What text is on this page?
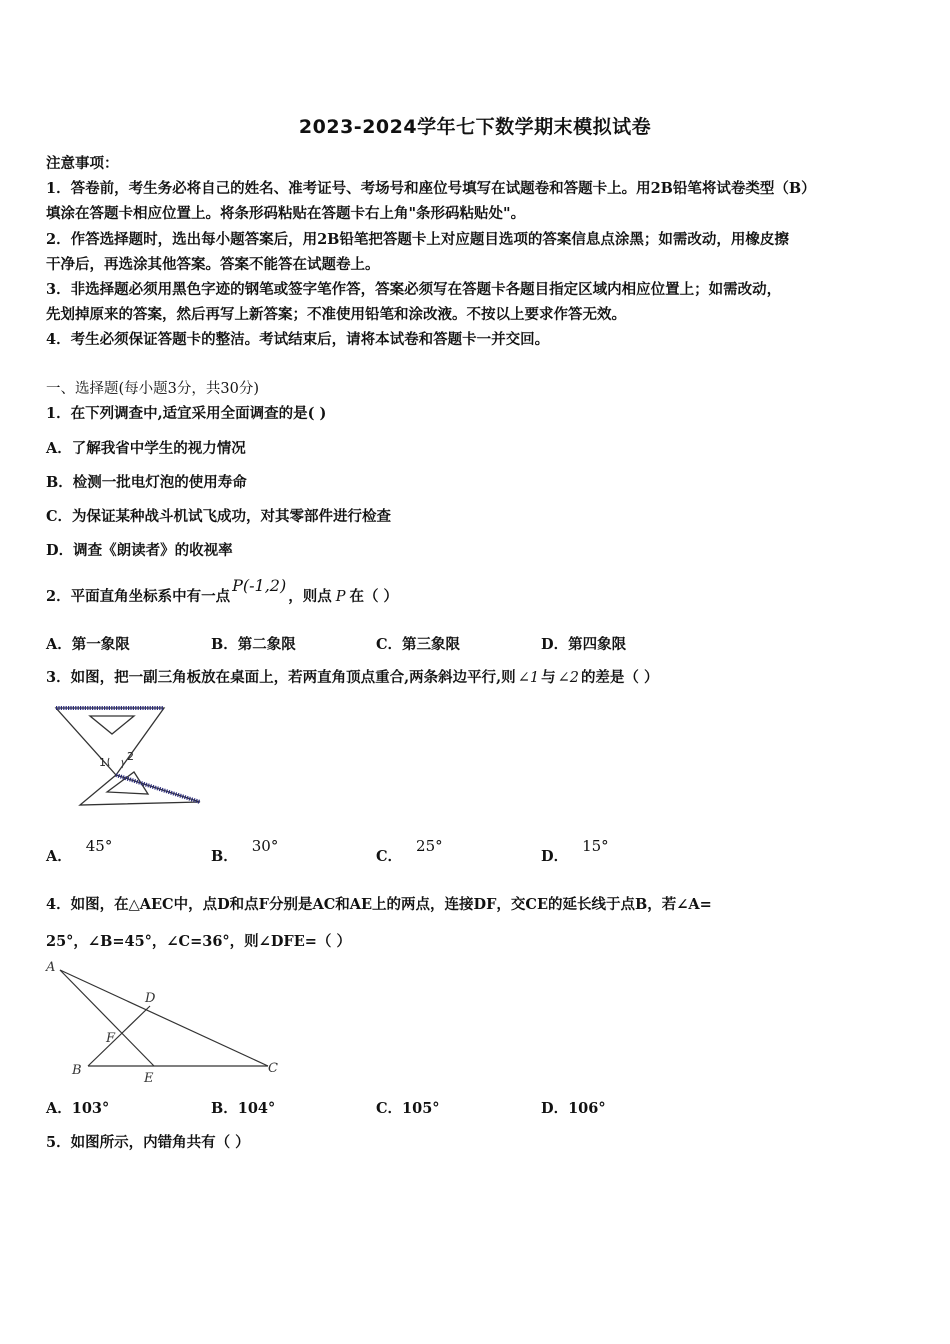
2023-2024学年七下数学期末模拟试卷
注意事项：
1．答卷前，考生务必将自己的姓名、准考证号、考场号和座位号填写在试题卷和答题卡上。用2B铅笔将试卷类型（B）
填涂在答题卡相应位置上。将条形码粘贴在答题卡右上角"条形码粘贴处"。
2．作答选择题时，选出每小题答案后，用2B铅笔把答题卡上对应题目选项的答案信息点涂黑；如需改动，用橡皮擦
干净后，再选涂其他答案。答案不能答在试题卷上。
3．非选择题必须用黑色字迹的钢笔或签字笔作答，答案必须写在答题卡各题目指定区域内相应位置上；如需改动，
先划掉原来的答案，然后再写上新答案；不准使用铅笔和涂改液。不按以上要求作答无效。
4．考生必须保证答题卡的整洁。考试结束后，请将本试卷和答题卡一并交回。
一、选择题(每小题3分，共30分)
1．在下列调查中,适宜采用全面调查的是( )
A．了解我省中学生的视力情况
B．检测一批电灯泡的使用寿命
C．为保证某种战斗机试飞成功，对其零部件进行检查
D．调查《朗读者》的收视率
2．平面直角坐标系中有一点P(-1,2)，则点 P 在（ ）
A．第一象限	B．第二象限	C．第三象限	D．第四象限
3．如图，把一副三角板放在桌面上，若两直角顶点重合,两条斜边平行,则 ∠1 与 ∠2 的差是（ ）
1 2
A．45°
B．30°
C．25°
D．15°
4．如图，在△AEC中，点D和点F分别是AC和AE上的两点，连接DF，交CE的延长线于点B，若∠A=
25°，∠B=45°，∠C=36°，则∠DFE=（ ）
A
D
F
B
E
C
A．103°	B．104°	C．105°	D．106°
5．如图所示，内错角共有（ ）
